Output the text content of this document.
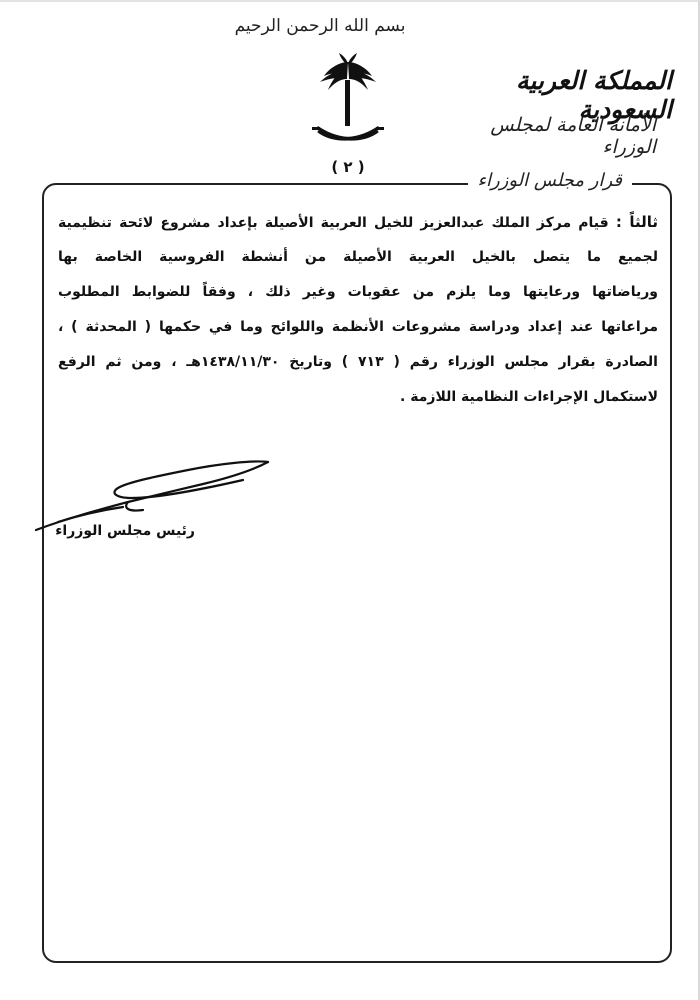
بسم الله الرحمن الرحيم
المملكة العربية السعودية
الأمانة العامة لمجلس الوزراء
( ٢ )
قرار مجلس الوزراء
ثالثاً : قيام مركز الملك عبدالعزيز للخيل العربية الأصيلة بإعداد مشروع لائحة تنظيمية
لجميع ما يتصل بالخيل العربية الأصيلة من أنشطة الفروسية الخاصة بها
ورياضاتها ورعايتها وما يلزم من عقوبات وغير ذلك ، وفقاً للضوابط المطلوب
مراعاتها عند إعداد ودراسة مشروعات الأنظمة واللوائح وما في حكمها ( المحدثة ) ،
الصادرة بقرار مجلس الوزراء رقم ( ٧١٣ ) وتاريخ ١٤٣٨/١١/٣٠هـ ، ومن ثم الرفع
لاستكمال الإجراءات النظامية اللازمة .
رئيس مجلس الوزراء
